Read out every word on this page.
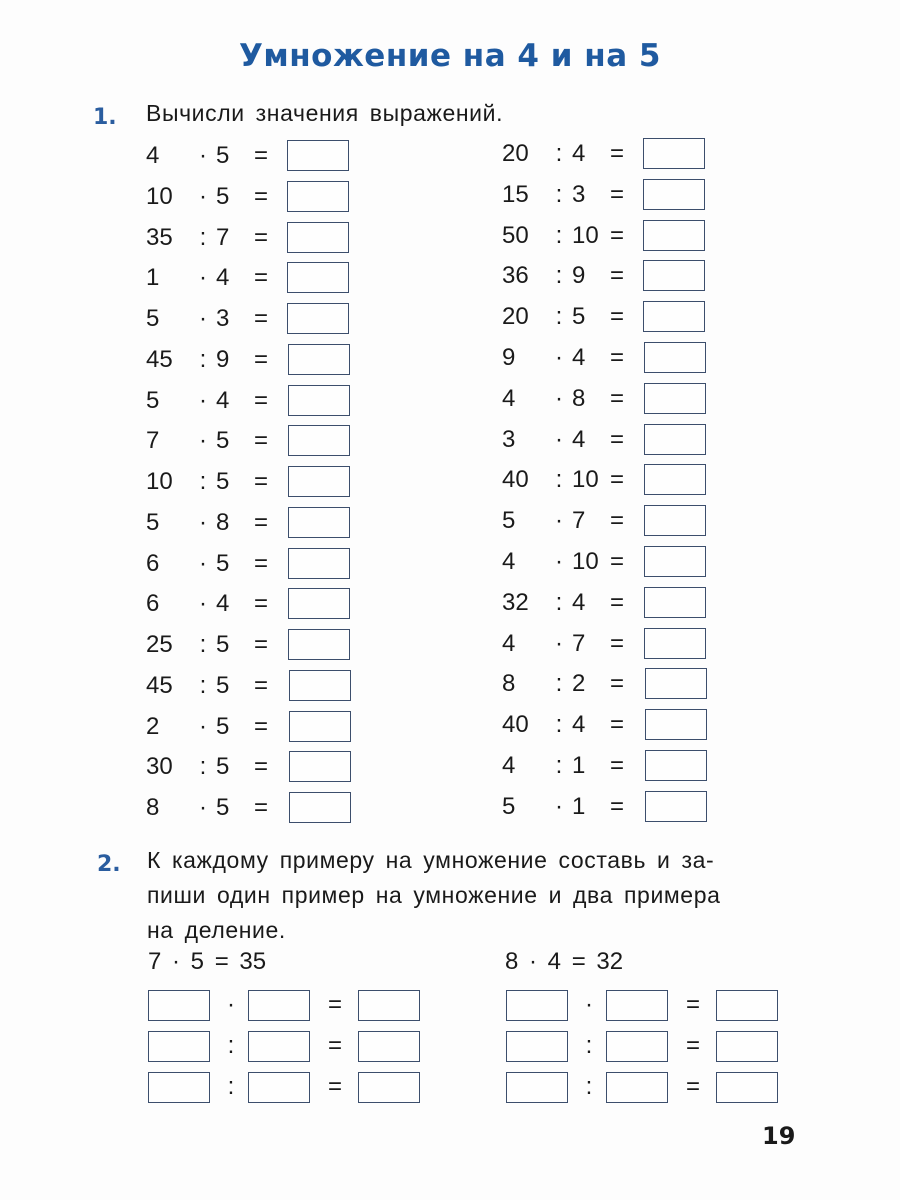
Умножение на 4 и на 5
1. Вычисли значения выражений.
4	· 5	=
10	· 5	=
35	: 7	=
1	· 4	=
5	· 3	=
45	: 9	=
5	· 4	=
7	· 5	=
10	: 5	=
5	· 8	=
6	· 5	=
6	· 4	=
25	: 5	=
45	: 5	=
2	· 5	=
30	: 5	=
8	· 5	=
20	: 4	=
15	: 3	=
50	: 10 =
36	: 9	=
20	: 5	=
9	· 4	=
4	· 8	=
3	· 4	=
40	: 10 =
5	· 7	=
4	· 10 =
32	: 4	=
4	· 7	=
8	: 2	=
40	: 4	=
4	: 1	=
5	· 1	=
2. К каждому примеру на умножение составь и за-
пиши один пример на умножение и два примера
на деление.
7 · 5 = 35
·	=
:	=
:	=
8 · 4 = 32
·	=
:	=
:	=
19
